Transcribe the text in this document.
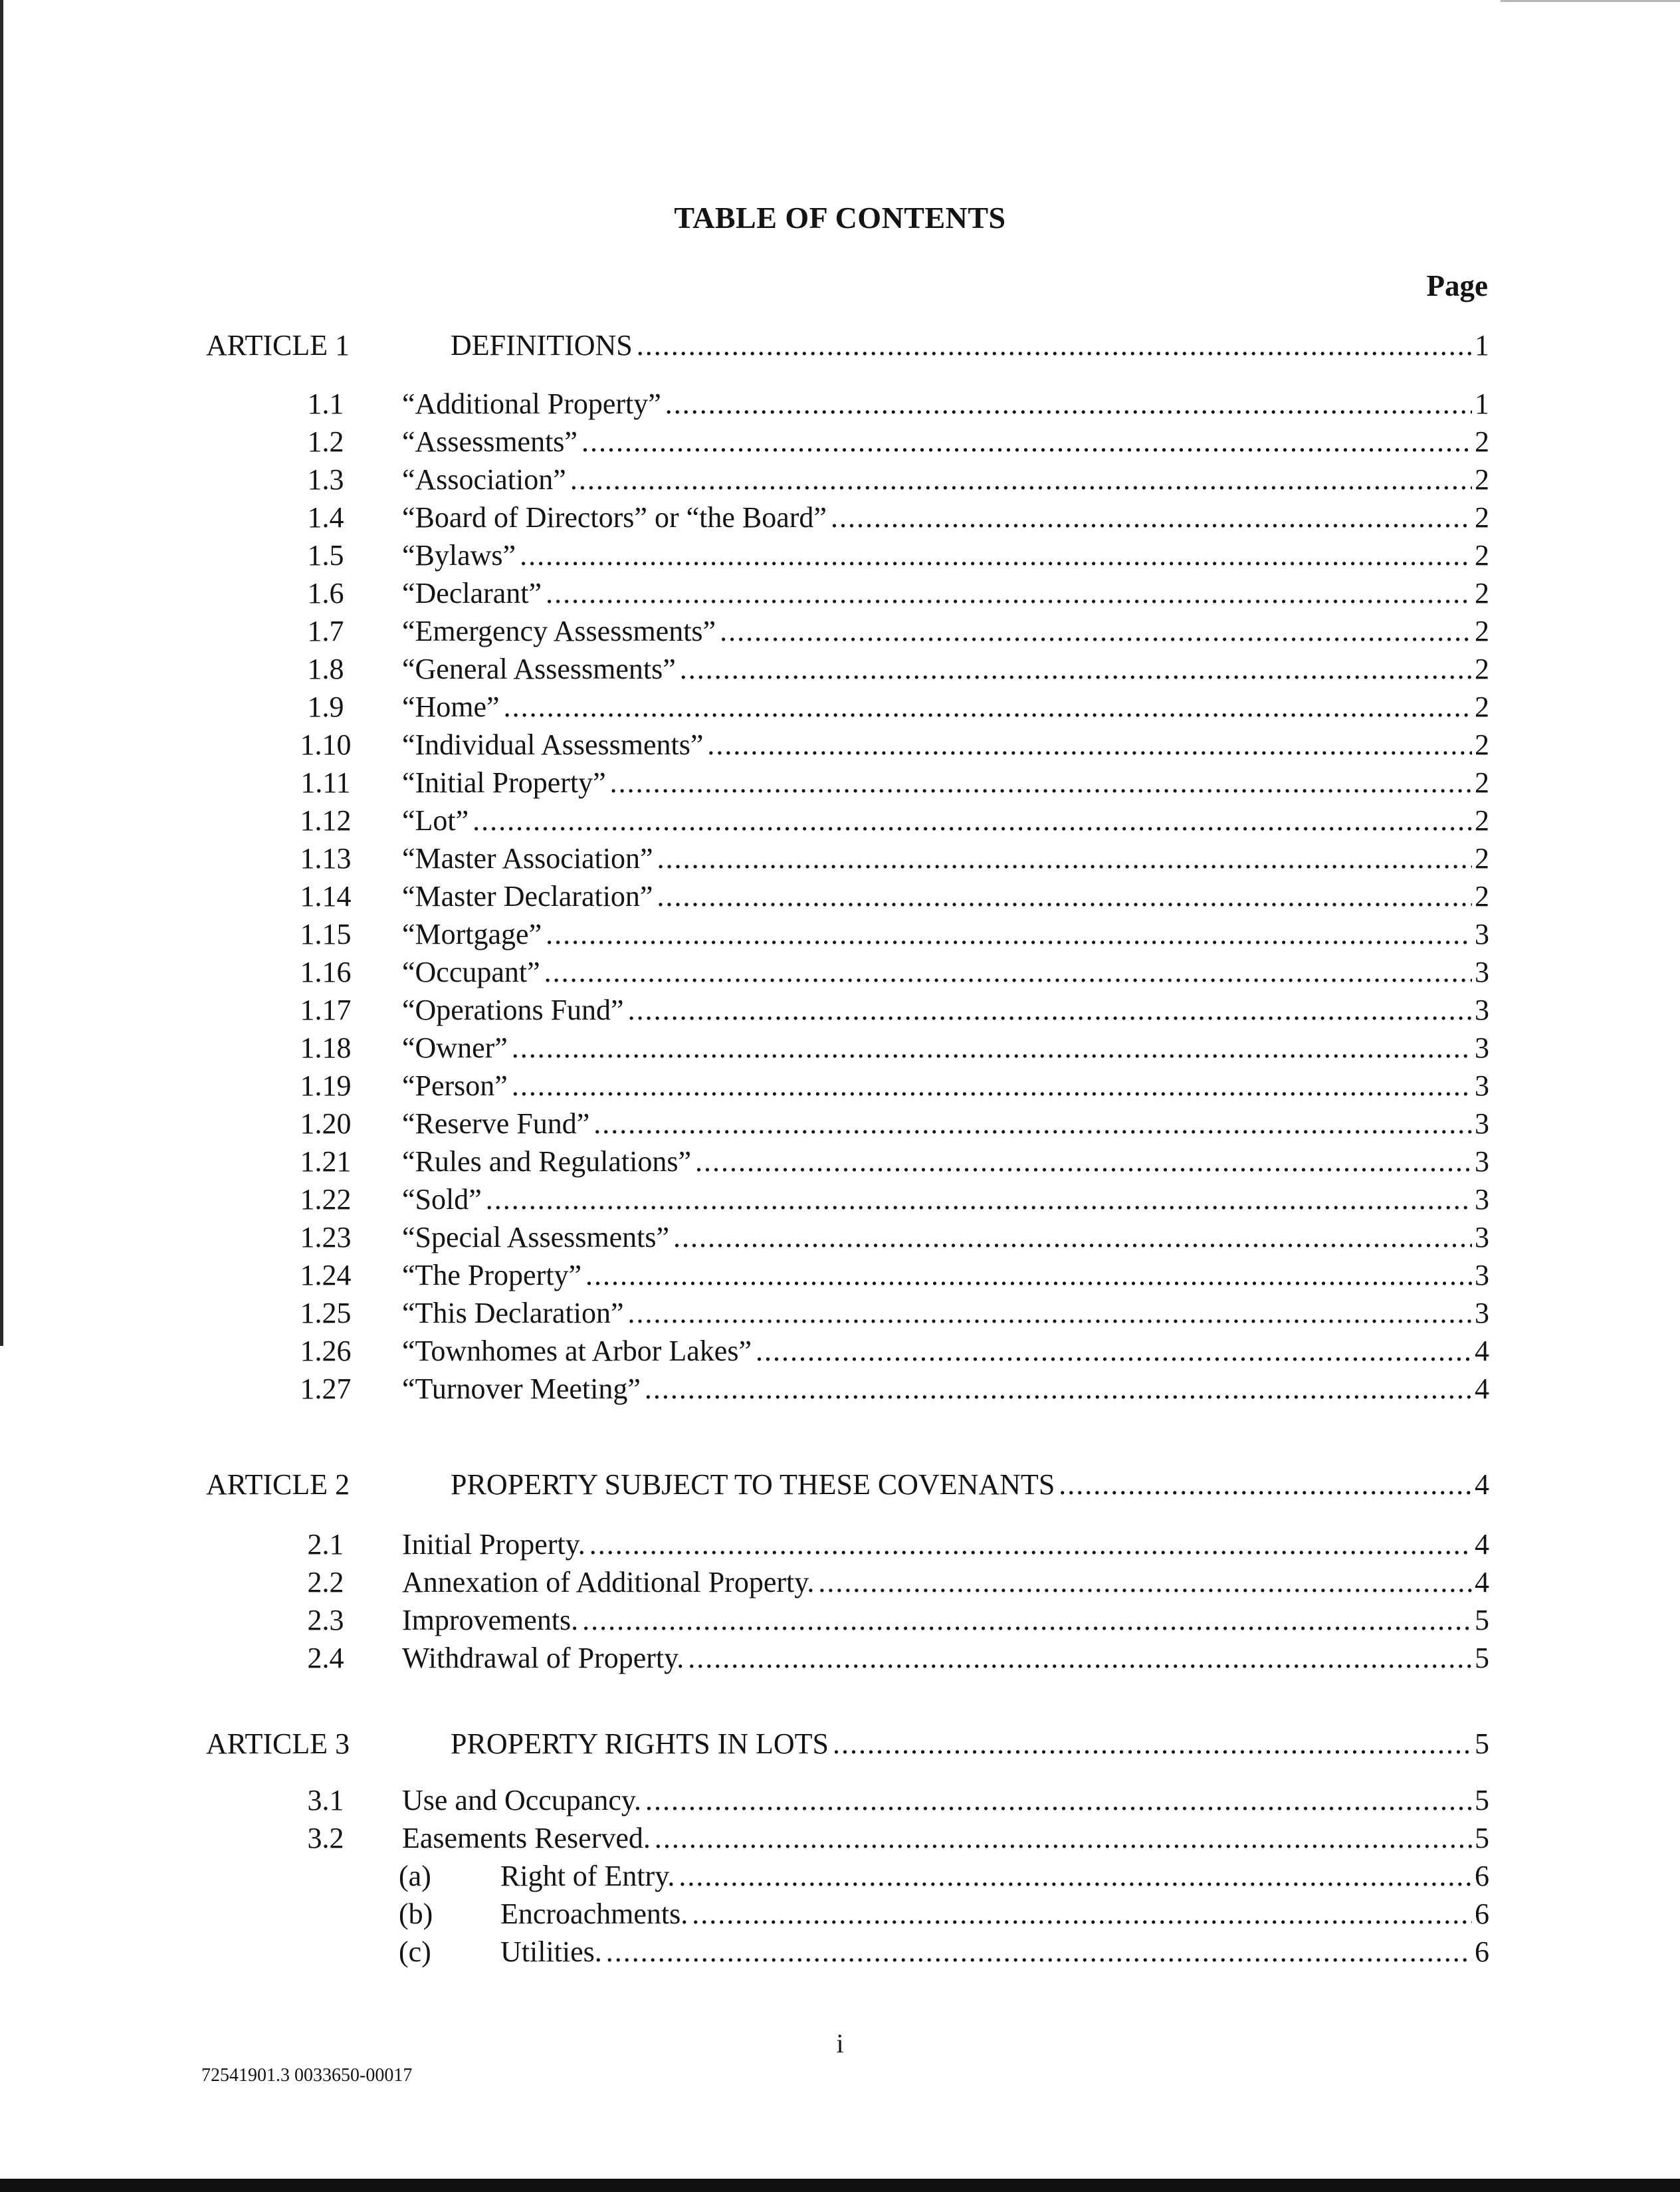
TABLE OF CONTENTS
Page
ARTICLE 1	DEFINITIONS .....	1
1.1	“Additional Property” .....	1
1.2	“Assessments” .....	2
1.3	“Association” .....	2
1.4	“Board of Directors” or “the Board” .....	2
1.5	“Bylaws” .....	2
1.6	“Declarant” .....	2
1.7	“Emergency Assessments” .....	2
1.8	“General Assessments” .....	2
1.9	“Home” .....	2
1.10	“Individual Assessments” .....	2
1.11	“Initial Property” .....	2
1.12	“Lot” .....	2
1.13	“Master Association” .....	2
1.14	“Master Declaration” .....	2
1.15	“Mortgage” .....	3
1.16	“Occupant” .....	3
1.17	“Operations Fund” .....	3
1.18	“Owner” .....	3
1.19	“Person” .....	3
1.20	“Reserve Fund” .....	3
1.21	“Rules and Regulations” .....	3
1.22	“Sold” .....	3
1.23	“Special Assessments” .....	3
1.24	“The Property” .....	3
1.25	“This Declaration” .....	3
1.26	“Townhomes at Arbor Lakes” .....	4
1.27	“Turnover Meeting” .....	4
ARTICLE 2	PROPERTY SUBJECT TO THESE COVENANTS .....	4
2.1	Initial Property. .....	4
2.2	Annexation of Additional Property. .....	4
2.3	Improvements. .....	5
2.4	Withdrawal of Property. .....	5
ARTICLE 3	PROPERTY RIGHTS IN LOTS .....	5
3.1	Use and Occupancy. .....	5
3.2	Easements Reserved. .....	5
(a) Right of Entry. .....	6
(b) Encroachments. .....	6
(c) Utilities. .....	6
i
72541901.3 0033650-00017
